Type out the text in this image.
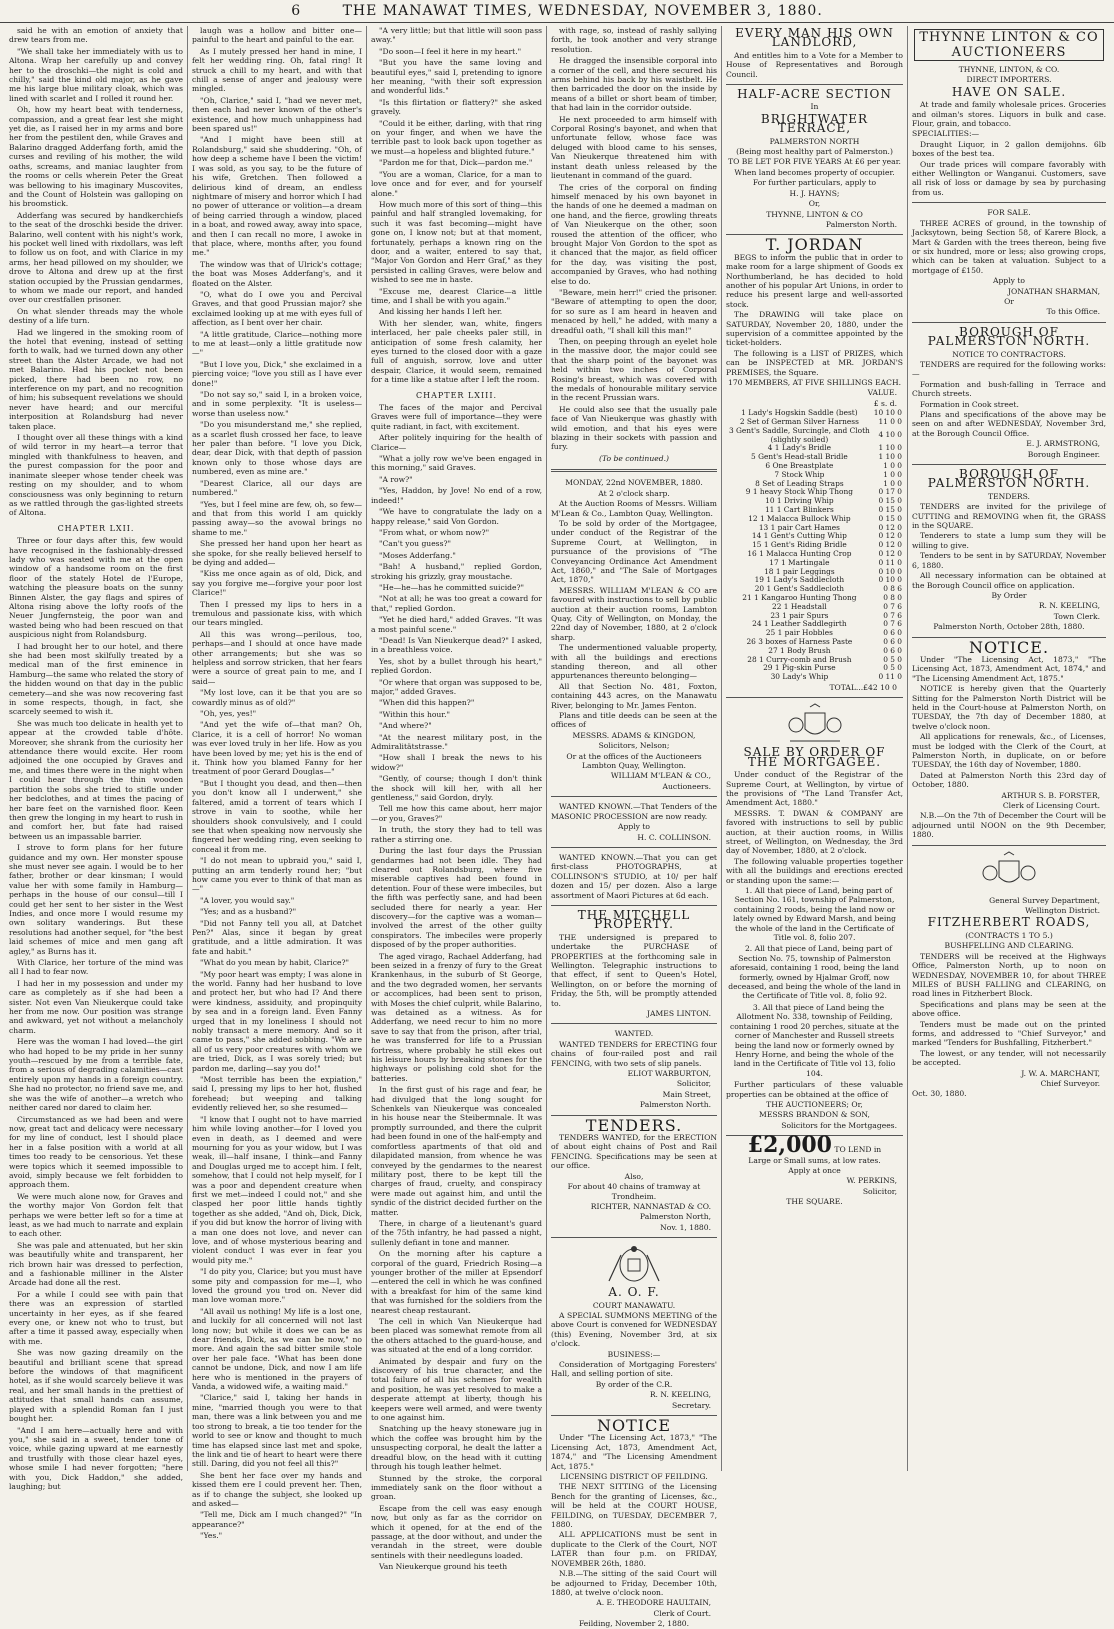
6	THE MANAWAT TIMES, WEDNESDAY, NOVEMBER 3, 1880.

said he with an emotion of anxiety that drew tears from me.

"We shall take her immediately with us to Altona. Wrap her carefully up and convey her to the droschki—the night is cold and chilly," said the kind old major, as he gave me his large blue military cloak, which was lined with scarlet and I rolled it round her.

Oh, how my heart beat with tenderness, compassion, and a great fear lest she might yet die, as I raised her in my arms and bore her from the pestilent den, while Graves and Balarino dragged Adderfang forth, amid the curses and reviling of his mother, the wild oaths, screams, and maniac laughter from the rooms or cells wherein Peter the Great was bellowing to his imaginary Muscovites, and the Count of Holstein was galloping on his broomstick.

Adderfang was secured by handkerchiefs to the seat of the droschki beside the driver. Balarino, well content with his night's work, his pocket well lined with rixdollars, was left to follow us on foot, and with Clarice in my arms, her head pillowed on my shoulder, we drove to Altona and drew up at the first station occupied by the Prussian gendarmes, to whom we made our report, and handed over our crestfallen prisoner.

On what slender threads may the whole destiny of a life turn.

Had we lingered in the smoking room of the hotel that evening, instead of setting forth to walk, had we turned down any other street than the Alster Arcade, we had not met Balarino. Had his pocket not been picked, there had been no row, no interference on my part, and no recognition of him; his subsequent revelations we should never have heard; and our merciful interposition at Rolandsburg had never taken place.

I thought over all these things with a kind of wild terror in my heart—a terror that mingled with thankfulness to heaven, and the purest compassion for the poor and inanimate sleeper whose tender cheek was resting on my shoulder, and to whom consciousness was only beginning to return as we rattled through the gas-lighted streets of Altona.

CHAPTER LXII.

Three or four days after this, few would have recognised in the fashionably-dressed lady who was seated with me at the open window of a handsome room on the first floor of the stately Hotel de l'Europe, watching the pleasure boats on the sunny Binnen Alster, the gay flags and spires of Altona rising above the lofty roofs of the Neuer Jungfernsteig, the poor wan and wasted being who had been rescued on that auspicious night from Rolandsburg.

I had brought her to our hotel, and there she had been most skilfully treated by a medical man of the first eminence in Hamburg—the same who related the story of the hidden wound on that day in the public cemetery—and she was now recovering fast in some respects, though, in fact, she scarcely seemed to wish it.

She was much too delicate in health yet to appear at the crowded table d'hôte. Moreover, she shrank from the curiosity her attendance there would excite. Her room adjoined the one occupied by Graves and me, and times there were in the night when I could hear through the thin wooden partition the sobs she tried to stifle under her bedclothes, and at times the pacing of her bare feet on the varnished floor. Keen then grew the longing in my heart to rush in and comfort her, but fate had raised between us an impassable barrier.

I strove to form plans for her future guidance and my own. Her monster spouse she must never see again. I would be to her father, brother or dear kinsman; I would value her with some family in Hamburg—perhaps in the house of our consul—till I could get her sent to her sister in the West Indies, and once more I would resume my own solitary wanderings. But these resolutions had another sequel, for "the best laid schemes of mice and men gang aft agley," as Burns has it.

With Clarice, her torture of the mind was all I had to fear now.

I had her in my possession and under my care as completely as if she had been a sister. Not even Van Nieukerque could take her from me now. Our position was strange and awkward, yet not without a melancholy charm.

Here was the woman I had loved—the girl who had hoped to be my pride in her sunny youth—rescued by me from a terrible fate, from a serious of degrading calamities—cast entirely upon my hands in a foreign country. She had no protector, no friend save me, and she was the wife of another—a wretch who neither cared nor dared to claim her.

Circumstanced as we had been and were now, great tact and delicacy were necessary for my line of conduct, lest I should place her in a false position with a world at all times too ready to be censorious. Yet these were topics which it seemed impossible to avoid, simply because we felt forbidden to approach them.

We were much alone now, for Graves and the worthy major Von Gordon felt that perhaps we were better left so for a time at least, as we had much to narrate and explain to each other.

She was pale and attenuated, but her skin was beautifully white and transparent, her rich brown hair was dressed to perfection, and a fashionable milliner in the Alster Arcade had done all the rest.

For a while I could see with pain that there was an expression of startled uncertainty in her eyes, as if she feared every one, or knew not who to trust, but after a time it passed away, especially when with me.

She was now gazing dreamily on the beautiful and brilliant scene that spread before the windows of that magnificent hotel, as if she would scarcely believe it was real, and her small hands in the prettiest of attitudes that small hands can assume, played with a splendid Roman fan I just bought her.

"And I am here—actually here and with you," she said in a sweet, tender tone of voice, while gazing upward at me earnestly and trustfully with those clear hazel eyes, whose smile I had never forgotten; "here with you, Dick Haddon," she added, laughing; but

laugh was a hollow and bitter one—painful to the heart and painful to the ear.

As I mutely pressed her hand in mine, I felt her wedding ring. Oh, fatal ring! It struck a chill to my heart, and with that chill a sense of anger and jealousy were mingled.

"Oh, Clarice," said I, "had we never met, then each had never known of the other's existence, and how much unhappiness had been spared us!"

"And I might have been still at Rolandsburg," said she shuddering. "Oh, of how deep a scheme have I been the victim! I was sold, as you say, to be the future of his wife, Gretchen. Then followed a delirious kind of dream, an endless nightmare of misery and horror which I had no power of utterance or volition—a dream of being carried through a window, placed in a boat, and rowed away, away into space, and then I can recall no more, I awoke in that place, where, months after, you found me."

The window was that of Ulrick's cottage; the boat was Moses Adderfang's, and it floated on the Alster.

"O, what do I owe you and Percival Graves, and that good Prussian major? she exclaimed looking up at me with eyes full of affection, as I bent over her chair.

"A little gratitude, Clarice—nothing more to me at least—only a little gratitude now—"

"But I love you, Dick," she exclaimed in a piercing voice; "love you still as I have ever done!"

"Do not say so," said I, in a broken voice, and in some perplexity. "It is useless—worse than useless now."

"Do you misunderstand me," she replied, as a scarlet flush crossed her face, to leave her paler than before. "I love you Dick, dear, dear Dick, with that depth of passion known only to those whose days are numbered, even as mine are."

"Dearest Clarice, all our days are numbered."

"Yes, but I feel mine are few, oh, so few—and that from this world I am quickly passing away—so the avowal brings no shame to me."

She pressed her hand upon her heart as she spoke, for she really believed herself to be dying and added—

"Kiss me once again as of old, Dick, and say you forgive me—forgive your poor lost Clarice!"

Then I pressed my lips to hers in a tremulous and passionate kiss, with which our tears mingled.

All this was wrong—perilous, too, perhaps—and I should at once have made other arrangements; but she was so helpless and sorrow stricken, that her fears were a source of great pain to me, and I said—

"My lost love, can it be that you are so cowardly minus as of old?"

"Oh, yes, yes!"

"And yet the wife of—that man? Oh, Clarice, it is a cell of horror! No woman was ever loved truly in her life. How as you have been loved by me; yet his is the end of it. Think how you blamed Fanny for her treatment of poor Gerard Douglas—"

"But I thought you dead, and then—then you don't know all I underwent," she faltered, amid a torrent of tears which I strove in vain to soothe, while her shoulders shook convulsively, and I could see that when speaking now nervously she fingered her wedding ring, even seeking to conceal it from me.

"I do not mean to upbraid you," said I, putting an arm tenderly round her; "but how came you ever to think of that man as—"

"A lover, you would say."

"Yes; and as a husband?"

"Did not Fanny tell you all, at Datchet Pen?" Alas, since it began by great gratitude, and a little admiration. It was fate and habit."

"What do you mean by habit, Clarice?"

"My poor heart was empty; I was alone in the world. Fanny had her husband to love and protect her, but who had I? And there were kindness, assiduity, and propinquity by sea and in a foreign land. Even Fanny urged that in my loneliness I should not nobly transact a mere memory. And so it came to pass," she added sobbing. "We are all of us very poor creatures with whom we are tried, Dick, as I was sorely tried; but pardon me, darling—say you do!"

"Most terrible has been the expiation," said I, pressing my lips to her hot, flushed forehead; but weeping and talking evidently relieved her, so she resumed—

"I know that I ought not to have married him while loving another—for I loved you even in death, as I deemed and were mourning for you as your widow, but I was weak, ill—half insane, I think—and Fanny and Douglas urged me to accept him. I felt, somehow, that I could not help myself, for I was a poor and dependent creature when first we met—indeed I could not," and she clasped her poor little hands tightly together as she added, "And oh, Dick, Dick, if you did but know the horror of living with a man one does not love, and never can love, and of whose mysterious bearing and violent conduct I was ever in fear you would pity me."

"I do pity you, Clarice; but you must have some pity and compassion for me—I, who loved the ground you trod on. Never did man love woman more."

"All avail us nothing! My life is a lost one, and luckily for all concerned will not last long now; but while it does we can be as dear friends, Dick, as we can be now," no more. And again the sad bitter smile stole over her pale face. "What has been done cannot be undone, Dick, and now I am life here who is mentioned in the prayers of Vanda, a widowed wife, a waiting maid."

"Clarice," said I, taking her hands in mine, "married though you were to that man, there was a link between you and me too strong to break, a tie too tender for the world to see or know and thought to much time has elapsed since last met and spoke, the link and tie of heart to heart were there still. Daring, did you not feel all this?"

She bent her face over my hands and kissed them ere I could prevent her. Then, as if to change the subject, she looked up and asked—

"Tell me, Dick am I much changed?" "In appearance?"

"Yes."

"A very little; but that little will soon pass away."

"Do soon—I feel it here in my heart."

"But you have the same loving and beautiful eyes," said I, pretending to ignore her meaning, "with their soft expression and wonderful lids."

"Is this flirtation or flattery?" she asked gravely.

"Could it be either, darling, with that ring on your finger, and when we have the terrible past to look back upon together as we must—a hopeless and blighted future."

"Pardon me for that, Dick—pardon me."

"You are a woman, Clarice, for a man to love once and for ever, and for yourself alone."

How much more of this sort of thing—this painful and half strangled lovemaking, for such it was fast becoming—might have gone on, I know not; but at that moment, fortunately, perhaps a known ring on the door, and a waiter, entered to say that, "Major Von Gordon and Herr Graf," as they persisted in calling Graves, were below and wished to see me in haste.

"Excuse me, dearest Clarice—a little time, and I shall be with you again."

And kissing her hands I left her.

With her slender, wan, white, fingers interlaced, her pale cheeks paler still, in anticipation of some fresh calamity, her eyes turned to the closed door with a gaze full of anguish, sorrow, love and utter despair, Clarice, it would seem, remained for a time like a statue after I left the room.

CHAPTER LXIII.

The faces of the major and Percival Graves were full of importance—they were quite radiant, in fact, with excitement.

After politely inquiring for the health of Clarice—

"What a jolly row we've been engaged in this morning," said Graves.

"A row?"

"Yes, Haddon, by Jove! No end of a row, indeed!"

"We have to congratulate the lady on a happy release," said Von Gordon.

"From what, or whom now?"

"Can't you guess?"

"Moses Adderfang."

"Bah! A husband," replied Gordon, stroking his grizzly, gray moustache.

"He—he—has he committed suicide?"

"Not at all; he was too great a coward for that," replied Gordon.

"Yet he died hard," added Graves. "It was a most painful scene."

"Dead! Is Van Nieukerque dead?" I asked, in a breathless voice.

Yes, shot by a bullet through his heart," replied Gordon.

"Or where that organ was supposed to be, major," added Graves.

"When did this happen?"

"Within this hour."

"And where?"

"At the nearest military post, in the Admiralitätstrasse."

"How shall I break the news to his widow?"

"Gently, of course; though I don't think the shock will kill her, with all her gentleness," said Gordon, dryly.

Tell me how this came about, herr major—or you, Graves?"

In truth, the story they had to tell was rather a stirring one.

During the last four days the Prussian gendarmes had not been idle. They had cleared out Rolandsburg, where five miserable captives had been found in detention. Four of these were imbeciles, but the fifth was perfectly sane, and had been secluded there for nearly a year. Her discovery—for the captive was a woman—involved the arrest of the other guilty conspirators. The imbeciles were properly disposed of by the proper authorities.

The aged virago, Rachael Adderfang, had been seized in a frenzy of fury to the Great Krankenhaus, in the suburb of St George, and the two degraded women, her servants or accomplices, had been sent to prison, with Moses the chief culprit, while Balarino, was detained as a witness. As for Adderfang, we need recur to him no more save to say that from the prison, after trial, he was transferred for life to a Prussian fortress, where probably he still ekes out his leisure hours by breaking stones for the highways or polishing cold shot for the batteries.

In the first gust of his rage and fear, he had divulged that the long sought for Schenkels van Nieukerque was concealed in his house near the Steibermnale. It was promptly surrounded, and there the culprit had been found in one of the half-empty and comfortless apartments of that old and dilapidated mansion, from whence he was conveyed by the gendarmes to the nearest military post, there to be kept till the charges of fraud, cruelty, and conspiracy were made out against him, and until the syndic of the district decided further on the matter.

There, in charge of a lieutenant's guard of the 75th infantry, he had passed a night, sullenly defiant in tone and manner.

On the morning after his capture a corporal of the guard, Friedrich Rosing—a younger brother of the miller at Epsendorf—entered the cell in which he was confined with a breakfast for him of the same kind that was furnished for the soldiers from the nearest cheap restaurant.

The cell in which Van Nieukerque had been placed was somewhat remote from all the others attached to the guard-house, and was situated at the end of a long corridor.

Animated by despair and fury on the discovery of his true character, and the total failure of all his schemes for wealth and position, he was yet resolved to make a desperate attempt at liberty, though his keepers were well armed, and were twenty to one against him.

Snatching up the heavy stoneware jug in which the coffee was brought him by the unsuspecting corporal, he dealt the latter a dreadful blow, on the head with it cutting through his tough leather helmet.

Stunned by the stroke, the corporal immediately sank on the floor without a groan.

Escape from the cell was easy enough now, but only as far as the corridor on which it opened, for at the end of the passage, at the door without, and under the verandah in the street, were double sentinels with their needleguns loaded.

Van Nieukerque ground his teeth

with rage, so, instead of rashly sallying forth, he took another and very strange resolution.

He dragged the insensible corporal into a corner of the cell, and there secured his arms behind his back by his waistbelt. He then barricaded the door on the inside by means of a billet or short beam of timber, that had lain in the corridor outside.

He next proceeded to arm himself with Corporal Rosing's bayonet, and when that unfortunate fellow, whose face was deluged with blood came to his senses, Van Nieukerque threatened him with instant death unless released by the lieutenant in command of the guard.

The cries of the corporal on finding himself menaced by his own bayonet in the hands of one he deemed a madman on one hand, and the fierce, growling threats of Van Nieukerque on the other, soon roused the attention of the officer, who brought Major Von Gordon to the spot as it chanced that the major, as field officer for the day, was visiting the post, accompanied by Graves, who had nothing else to do.

"Beware, mein herr!" cried the prisoner. "Beware of attempting to open the door, for so sure as I am heard in heaven and menaced by hell," he added, with many a dreadful oath, "I shall kill this man!"

Then, on peeping through an eyelet hole in the massive door, the major could see that the sharp point of the bayonet was held within two inches of Corporal Rosing's breast, which was covered with the medals of honourable military service in the recent Prussian wars.

He could also see that the usually pale face of Van Nieukerque was ghastly with wild emotion, and that his eyes were blazing in their sockets with passion and fury.

(To be continued.)
MONDAY, 22nd NOVEMBER, 1880.
At 2 o'clock sharp.

At the Auction Rooms of Messrs. William M'Lean & Co., Lambton Quay, Wellington.

To be sold by order of the Mortgagee, under conduct of the Registrar of the Supreme Court, at Wellington, in pursuance of the provisions of "The Conveyancing Ordinance Act Amendment Act, 1860," and "The Sale of Mortgages Act, 1870,"

MESSRS. WILLIAM M'LEAN & CO are favoured with instructions to sell by public auction at their auction rooms, Lambton Quay, City of Wellington, on Monday, the 22nd day of November, 1880, at 2 o'clock sharp.

The undermentioned valuable property, with all the buildings and erections standing thereon, and all other appurtenances thereunto belonging—

All that Section No. 481, Foxton, containing 443 acres, on the Manawatu River, belonging to Mr. James Fenton.

Plans and title deeds can be seen at the offices of

MESSRS. ADAMS & KINGDON,
Solicitors, Nelson;
Or at the offices of the Auctioneers Lambton Quay, Wellington.
WILLIAM M'LEAN & CO.,
Auctioneers.

WANTED KNOWN.—That Tenders of the MASONIC PROCESSION are now ready.

Apply to
H. C. COLLINSON.

WANTED KNOWN.—That you can get first-class PHOTOGRAPHS, at COLLINSON'S STUDIO, at 10/ per half dozen and 15/ per dozen. Also a large assortment of Maori Pictures at 6d each.

THE MITCHELL PROPERTY.

THE undersigned is prepared to undertake the PURCHASE of PROPERTIES at the forthcoming sale in Wellington. Telegraphic instructions to that effect, if sent to Queen's Hotel, Wellington, on or before the morning of Friday, the 5th, will be promptly attended to.

JAMES LINTON.
WANTED.

WANTED TENDERS for ERECTING four chains of four-railed post and rail FENCING, with two sets of slip panels.

ELIOT WARBURTON,
Solicitor,
Main Street,
Palmerston North.
TENDERS.

TENDERS WANTED, for the ERECTION of about eight chains of Post and Rail FENCING. Specifications may be seen at our office.

Also,
For about 40 chains of tramway at Trondheim.
RICHTER, NANNASTAD & CO.
Palmerston North,
Nov. 1, 1880.
A. O. F.
COURT MANAWATU.

A SPECIAL SUMMONS MEETING of the above Court is convened for WEDNESDAY (this) Evening, November 3rd, at six o'clock.

BUSINESS:—

Consideration of Mortgaging Foresters' Hall, and selling portion of site.

By order of the C.R.
R. N. KEELING,
Secretary.
NOTICE

Under "The Licensing Act, 1873," "The Licensing Act, 1873, Amendment Act, 1874," and "The Licensing Amendment Act, 1875."

LICENSING DISTRICT OF FEILDING.

THE NEXT SITTING of the Licensing Bench for the granting of Licenses, &c., will be held at the COURT HOUSE, FEILDING, on TUESDAY, DECEMBER 7, 1880.

ALL APPLICATIONS must be sent in duplicate to the Clerk of the Court, NOT LATER than four p.m. on FRIDAY, NOVEMBER 26th, 1880.

N.B.—The sitting of the said Court will be adjourned to Friday, December 10th, 1880, at twelve o'clock noon.

A. E. THEODORE HAULTAIN,
Clerk of Court.
Feilding, November 2, 1880.
EVERY MAN HIS OWN LANDLORD,

And entitles him to a Vote for a Member to House of Representatives and Borough Council.

HALF-ACRE SECTION
In
BRIGHTWATER TERRACE,
PALMERSTON NORTH
(Being most healthy part of Palmerston.)
TO BE LET FOR FIVE YEARS At £6 per year.
When land becomes property of occupier.
For further particulars, apply to
H. J. HAYNS;
Or,
THYNNE, LINTON & CO
Palmerston North.
T. JORDAN

BEGS to inform the public that in order to make room for a large shipment of Goods ex Northumberland, he has decided to hold another of his popular Art Unions, in order to reduce his present large and well-assorted stock.

The DRAWING will take place on SATURDAY, November 20, 1880, under the supervision of a committee appointed by the ticket-holders.

The following is a LIST of PRIZES, which can be INSPECTED at MR. JORDAN'S PREMISES, the Square.

170 MEMBERS, AT FIVE SHILLINGS EACH.
VALUE.
£ s. d.
1 Lady's Hogskin Saddle (best)	10 10 0
2 Set of German Silver Harness	11 0 0
3 Gent's Saddle, Surcingle, and Cloth (slightly soiled)	4 10 0
4 1 Lady's Bridle	1 10 0
5 Gent's Head-stall Bridle	1 10 0
6 One Breastplate	1 0 0
7 Stock Whip	1 0 0
8 Set of Leading Straps	1 0 0
9 1 heavy Stock Whip Thong	0 17 0
10 1 Driving Whip	0 15 0
11 1 Cart Blinkers	0 15 0
12 1 Malacca Bullock Whip	0 15 0
13 1 pair Cart Hames	0 12 0
14 1 Gent's Cutting Whip	0 12 0
15 1 Gent's Riding Bridle	0 12 0
16 1 Malacca Hunting Crop	0 12 0
17 1 Martingale	0 11 0
18 1 pair Leggings	0 10 0
19 1 Lady's Saddlecloth	0 10 0
20 1 Gent's Saddlecloth	0 8 6
21 1 Kangaroo Hunting Thong	0 8 0
22 1 Headstall	0 7 6
23 1 pair Spurs	0 7 6
24 1 Leather Saddlegirth	0 7 6
25 1 pair Hobbles	0 6 0
26 3 boxes of Harness Paste	0 6 0
27 1 Body Brush	0 6 0
28 1 Curry-comb and Brush	0 5 0
29 1 Pig-skin Purse	0 5 0
30 Lady's Whip	0 11 0
TOTAL...£42 10 0
SALE BY ORDER OF THE MORTGAGEE.

Under conduct of the Registrar of the Supreme Court, at Wellington, by virtue of the provisions of "The Land Transfer Act, Amendment Act, 1880."

MESSRS. T. DWAN & COMPANY are favored with instructions to sell by public auction, at their auction rooms, in Willis street, of Wellington, on Wednesday, the 3rd day of November, 1880, at 2 o'clock.

The following valuable properties together with all the buildings and erections erected or standing upon the same:—

1. All that piece of Land, being part of Section No. 161, township of Palmerston, containing 2 roods, being the land now or lately owned by Edward Marsh, and being the whole of the land in the Certificate of Title vol. 8, folio 207.

2. All that piece of Land, being part of Section No. 75, township of Palmerston aforesaid, containing 1 rood, being the land formerly, owned by Hjalmar Groff, now deceased, and being the whole of the land in the Certificate of Title vol. 8, folio 92.

3. All that piece of Land being the Allotment No. 338, township of Feilding, containing 1 rood 20 perches, situate at the corner of Manchester and Russell streets being the land now or formerly owned by Henry Horne, and being the whole of the land in the Certificate of Title vol 13, folio 104.

Further particulars of these valuable properties can be obtained at the office of

THE AUCTIONEERS; Or,
MESSRS BRANDON & SON,
Solicitors for the Mortgagees.
£2,000 TO LEND in
Large or Small sums, at low rates.
Apply at once
W. PERKINS,
Solicitor,
THE SQUARE.
THYNNE LINTON & CO AUCTIONEERS
THYNNE, LINTON, & CO.
DIRECT IMPORTERS.
HAVE ON SALE.

At trade and family wholesale prices. Groceries and oilman's stores. Liquors in bulk and case. Flour, grain, and tobacco.

SPECIALITIES:—

Draught Liquor, in 2 gallon demijohns. 6lb boxes of the best tea.

Our trade prices will compare favorably with either Wellington or Wanganui. Customers, save all risk of loss or damage by sea by purchasing from us.

FOR SALE.

THREE ACRES of ground, in the township of Jacksytown, being Section 58, of Karere Block, a Mart & Garden with the trees thereon, being five or six hundred, more or less; also growing crops, which can be taken at valuation. Subject to a mortgage of £150.

Apply to
JONATHAN SHARMAN,
Or
To this Office.
BOROUGH OF PALMERSTON NORTH.
NOTICE TO CONTRACTORS.

TENDERS are required for the following works:—

Formation and bush-falling in Terrace and Church streets.

Formation in Cook street.

Plans and specifications of the above may be seen on and after WEDNESDAY, November 3rd, at the Borough Council Office.

E. J. ARMSTRONG,
Borough Engineer.
BOROUGH OF PALMERSTON NORTH.
TENDERS.

TENDERS are invited for the privilege of CUTTING and REMOVING when fit, the GRASS in the SQUARE.

Tenderers to state a lump sum they will be willing to give.

Tenders to be sent in by SATURDAY, November 6, 1880.

All necessary information can be obtained at the Borough Council office on application.

By Order
R. N. KEELING,
Town Clerk.
Palmerston North, October 28th, 1880.
NOTICE.

Under "The Licensing Act, 1873," "The Licensing Act, 1873, Amendment Act, 1874," and "The Licensing Amendment Act, 1875."

NOTICE is hereby given that the Quarterly Sitting for the Palmerston North District will be held in the Court-house at Palmerston North, on TUESDAY, the 7th day of December 1880, at twelve o'clock noon.

All applications for renewals, &c., of Licenses, must be lodged with the Clerk of the Court, at Palmerston North, in duplicate, on or before TUESDAY, the 16th day of November, 1880.

Dated at Palmerston North this 23rd day of October, 1880.

ARTHUR S. B. FORSTER,
Clerk of Licensing Court.

N.B.—On the 7th of December the Court will be adjourned until NOON on the 9th December, 1880.

General Survey Department,
Wellington District.
FITZHERBERT ROADS,
(CONTRACTS 1 TO 5.)
BUSHFELLING AND CLEARING.

TENDERS will be received at the Highways Office, Palmerston North, up to noon on WEDNESDAY, NOVEMBER 10, for about THREE MILES of BUSH FALLING and CLEARING, on road lines in Fitzherbert Block.

Specifications and plans may be seen at the above office.

Tenders must be made out on the printed forms, and addressed to "Chief Surveyor," and marked "Tenders for Bushfalling, Fitzherbert."

The lowest, or any tender, will not necessarily be accepted.

J. W. A. MARCHANT,
Chief Surveyor.
Oct. 30, 1880.
